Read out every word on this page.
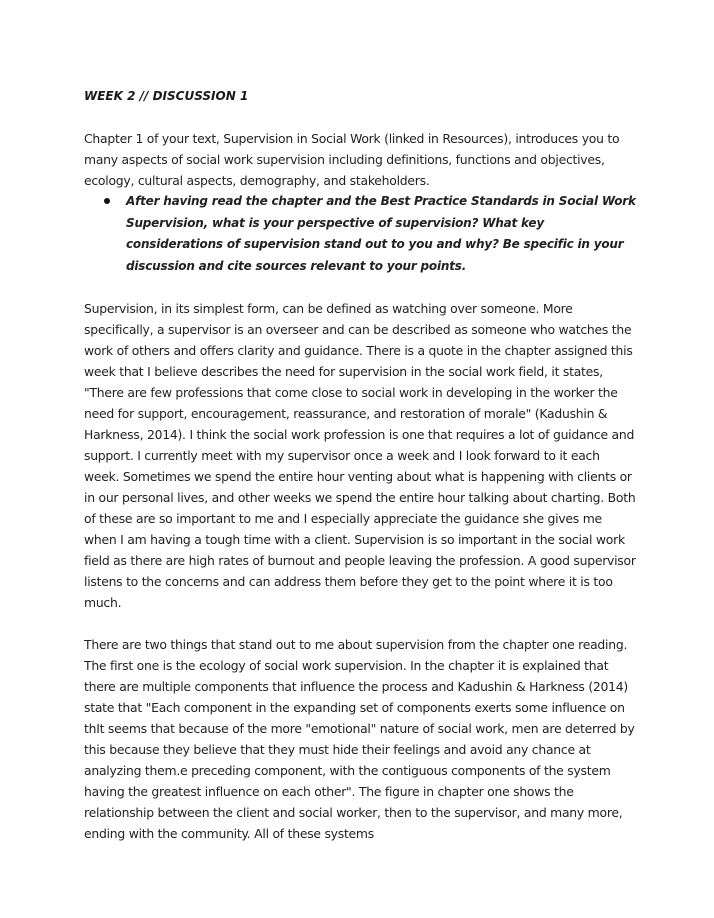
WEEK 2 // DISCUSSION 1

Chapter 1 of your text, Supervision in Social Work (linked in Resources), introduces you to many aspects of social work supervision including definitions, functions and objectives, ecology, cultural aspects, demography, and stakeholders.

After having read the chapter and the Best Practice Standards in Social Work Supervision, what is your perspective of supervision? What key considerations of supervision stand out to you and why? Be specific in your discussion and cite sources relevant to your points.

Supervision, in its simplest form, can be defined as watching over someone. More specifically, a supervisor is an overseer and can be described as someone who watches the work of others and offers clarity and guidance. There is a quote in the chapter assigned this week that I believe describes the need for supervision in the social work field, it states, "There are few professions that come close to social work in developing in the worker the need for support, encouragement, reassurance, and restoration of morale" (Kadushin & Harkness, 2014). I think the social work profession is one that requires a lot of guidance and support. I currently meet with my supervisor once a week and I look forward to it each week. Sometimes we spend the entire hour venting about what is happening with clients or in our personal lives, and other weeks we spend the entire hour talking about charting. Both of these are so important to me and I especially appreciate the guidance she gives me when I am having a tough time with a client. Supervision is so important in the social work field as there are high rates of burnout and people leaving the profession. A good supervisor listens to the concerns and can address them before they get to the point where it is too much.

There are two things that stand out to me about supervision from the chapter one reading. The first one is the ecology of social work supervision. In the chapter it is explained that there are multiple components that influence the process and Kadushin & Harkness (2014) state that "Each component in the expanding set of components exerts some influence on thIt seems that because of the more "emotional" nature of social work, men are deterred by this because they believe that they must hide their feelings and avoid any chance at analyzing them.e preceding component, with the contiguous components of the system having the greatest influence on each other". The figure in chapter one shows the relationship between the client and social worker, then to the supervisor, and many more, ending with the community. All of these systems
